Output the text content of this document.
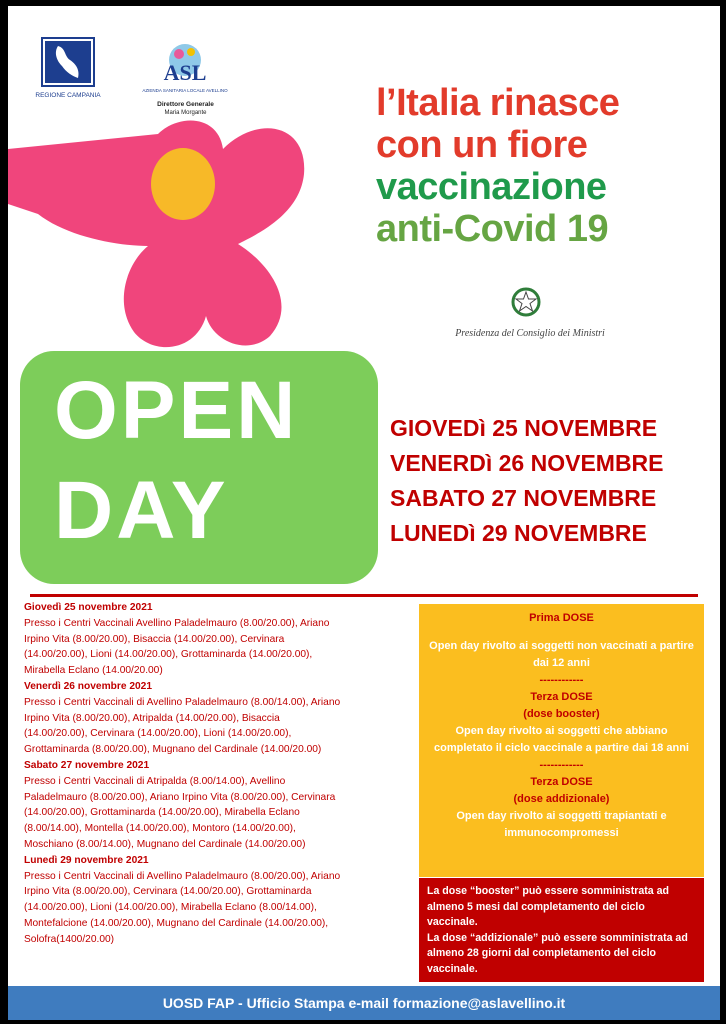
REGIONE CAMPANIA
ASL
AZIENDA SANITARIA LOCALE AVELLINO
Direttore Generale
Maria Morgante	l’Italia rinasce
con un fiore
vaccinazione
anti-Covid 19
Presidenza del Consiglio dei Ministri
OPEN
DAY
GIOVEDì 25 NOVEMBRE
VENERDì 26 NOVEMBRE
SABATO 27 NOVEMBRE
LUNEDì 29 NOVEMBRE
Giovedì 25 novembre 2021
Presso i Centri Vaccinali Avellino Paladelmauro (8.00/20.00), Ariano
Irpino Vita (8.00/20.00), Bisaccia (14.00/20.00), Cervinara
(14.00/20.00), Lioni (14.00/20.00), Grottaminarda (14.00/20.00),
Mirabella Eclano (14.00/20.00)
Venerdì 26 novembre 2021
Presso i Centri Vaccinali di Avellino Paladelmauro (8.00/14.00), Ariano
Irpino Vita (8.00/20.00), Atripalda (14.00/20.00), Bisaccia
(14.00/20.00), Cervinara (14.00/20.00), Lioni (14.00/20.00),
Grottaminarda (8.00/20.00), Mugnano del Cardinale (14.00/20.00)
Sabato 27 novembre 2021
Presso i Centri Vaccinali di Atripalda (8.00/14.00), Avellino
Paladelmauro (8.00/20.00), Ariano Irpino Vita (8.00/20.00), Cervinara
(14.00/20.00), Grottaminarda (14.00/20.00), Mirabella Eclano
(8.00/14.00), Montella (14.00/20.00), Montoro (14.00/20.00),
Moschiano (8.00/14.00), Mugnano del Cardinale (14.00/20.00)
Lunedì 29 novembre 2021
Presso i Centri Vaccinali di Avellino Paladelmauro (8.00/20.00), Ariano
Irpino Vita (8.00/20.00), Cervinara (14.00/20.00), Grottaminarda
(14.00/20.00), Lioni (14.00/20.00), Mirabella Eclano (8.00/14.00),
Montefalcione (14.00/20.00), Mugnano del Cardinale (14.00/20.00),
Solofra(1400/20.00)
Prima DOSE
Open day rivolto ai soggetti non vaccinati a partire dai 12 anni
------------
Terza DOSE
(dose booster)
Open day rivolto ai soggetti che abbiano completato il ciclo vaccinale a partire dai 18 anni
------------
Terza DOSE
(dose addizionale)
Open day rivolto ai soggetti trapiantati e immunocompromessi
La dose “booster” può essere somministrata ad almeno 5 mesi dal completamento del ciclo vaccinale.
La dose “addizionale” può essere somministrata ad almeno 28 giorni dal completamento del ciclo vaccinale.
UOSD FAP - Ufficio Stampa e-mail formazione@aslavellino.it
